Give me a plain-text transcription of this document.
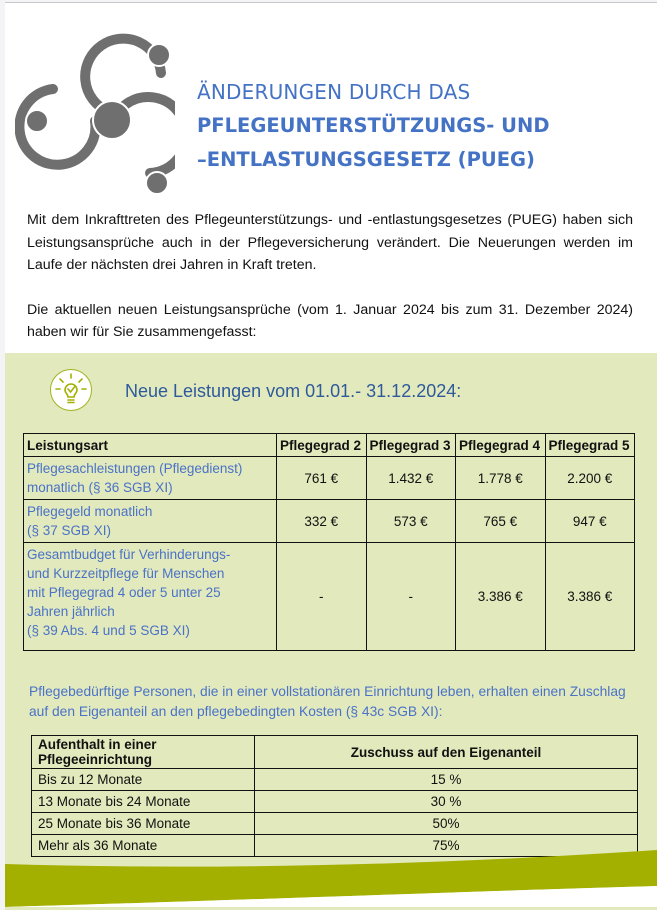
ÄNDERUNGEN DURCH DAS
PFLEGEUNTERSTÜTZUNGS- UND
–ENTLASTUNGSGESETZ (PUEG)

Mit dem Inkrafttreten des Pflegeunterstützungs- und -entlastungsgesetzes (PUEG) haben sich Leistungsansprüche auch in der Pflegeversicherung verändert. Die Neuerungen werden im Laufe der nächsten drei Jahren in Kraft treten.

Die aktuellen neuen Leistungsansprüche (vom 1. Januar 2024 bis zum 31. Dezember 2024) haben wir für Sie zusammengefasst:

Neue Leistungen vom 01.01.- 31.12.2024:
Leistungsart	Pflegegrad 2	Pflegegrad 3	Pflegegrad 4	Pflegegrad 5

Pflegesachleistungen (Pflegedienst)
monatlich (§ 36 SGB XI)	761 €	1.432 €	1.778 €	2.200 €

Pflegegeld monatlich
(§ 37 SGB XI)	332 €	573 €	765 €	947 €

Gesamtbudget für Verhinderungs-
und Kurzzeitpflege für Menschen
mit Pflegegrad 4 oder 5 unter 25
Jahren jährlich
(§ 39 Abs. 4 und 5 SGB XI)	-	-	3.386 €	3.386 €
Pflegebedürftige Personen, die in einer vollstationären Einrichtung leben, erhalten einen Zuschlag auf den Eigenanteil an den pflegebedingten Kosten (§ 43c SGB XI):
Aufenthalt in einer Pflegeeinrichtung	Zuschuss auf den Eigenanteil
Bis zu 12 Monate	15 %
13 Monate bis 24 Monate	30 %
25 Monate bis 36 Monate	50%
Mehr als 36 Monate	75%
